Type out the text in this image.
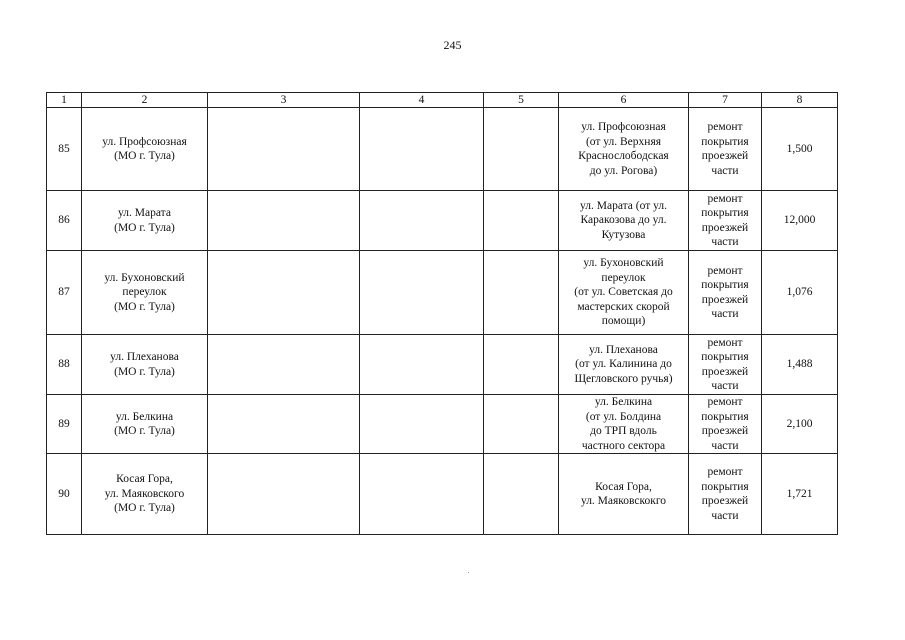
245
1	2	3	4	5	6	7	8
85	ул. Профсоюзная
(МО г. Тула)				ул. Профсоюзная
(от ул. Верхняя
Краснослободская
до ул. Рогова)	ремонт
покрытия
проезжей
части	1,500
86	ул. Марата
(МО г. Тула)				ул. Марата (от ул.
Каракозова до ул.
Кутузова	ремонт
покрытия
проезжей
части	12,000
87	ул. Бухоновский
переулок
(МО г. Тула)				ул. Бухоновский
переулок
(от ул. Советская до
мастерских скорой
помощи)	ремонт
покрытия
проезжей
части	1,076
88	ул. Плеханова
(МО г. Тула)				ул. Плеханова
(от ул. Калинина до
Щегловского ручья)	ремонт
покрытия
проезжей
части	1,488
89	ул. Белкина
(МО г. Тула)				ул. Белкина
(от ул. Болдина
до ТРП вдоль
частного сектора	ремонт
покрытия
проезжей
части	2,100
90	Косая Гора,
ул. Маяковского
(МО г. Тула)				Косая Гора,
ул. Маяковскокго	ремонт
покрытия
проезжей
части	1,721
